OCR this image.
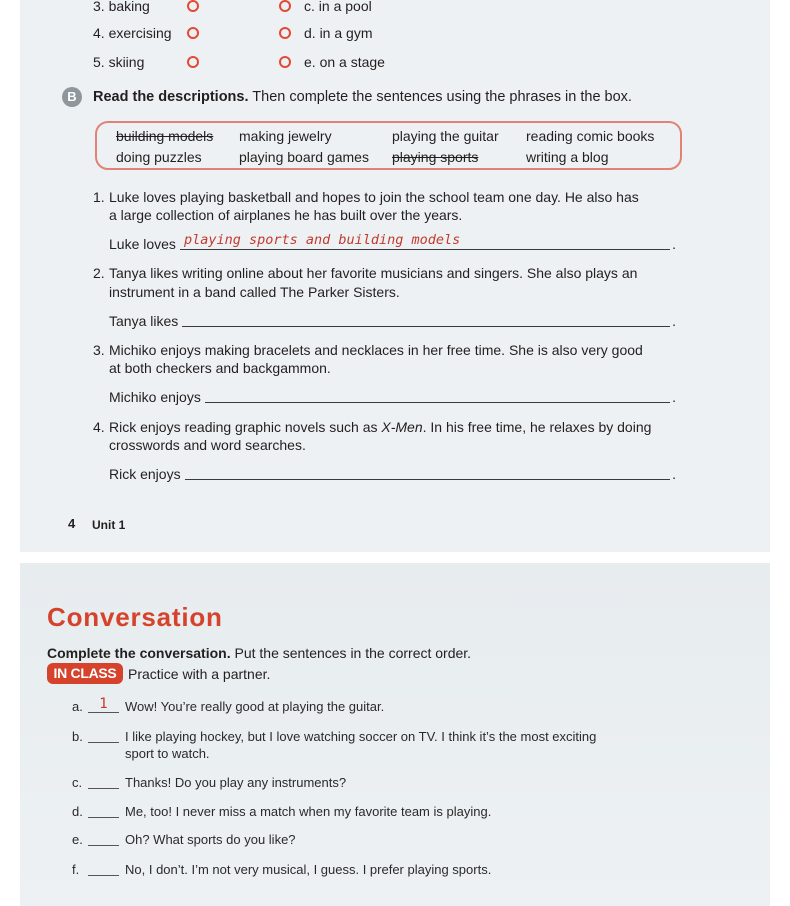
3. baking	c. in a pool
4. exercising	d. in a gym
5. skiing	e. on a stage
B	Read the descriptions. Then complete the sentences using the phrases in the box.
building models	making jewelry	playing the guitar	reading comic books
doing puzzles	playing board games	playing sports	writing a blog
1. Luke loves playing basketball and hopes to join the school team one day. He also has
a large collection of airplanes he has built over the years.
Luke loves playing sports and building models	.
2. Tanya likes writing online about her favorite musicians and singers. She also plays an
instrument in a band called The Parker Sisters.
Tanya likes	.
3. Michiko enjoys making bracelets and necklaces in her free time. She is also very good
at both checkers and backgammon.
Michiko enjoys	.
4. Rick enjoys reading graphic novels such as X-Men. In his free time, he relaxes by doing
crosswords and word searches.
Rick enjoys	.
4 Unit 1
Conversation
Complete the conversation. Put the sentences in the correct order.
IN CLASS Practice with a partner.
a.	1	Wow! You’re really good at playing the guitar.
b.	I like playing hockey, but I love watching soccer on TV. I think it’s the most exciting
sport to watch.
c.	Thanks! Do you play any instruments?
d.	Me, too! I never miss a match when my favorite team is playing.
e.	Oh? What sports do you like?
f.	No, I don’t. I’m not very musical, I guess. I prefer playing sports.
